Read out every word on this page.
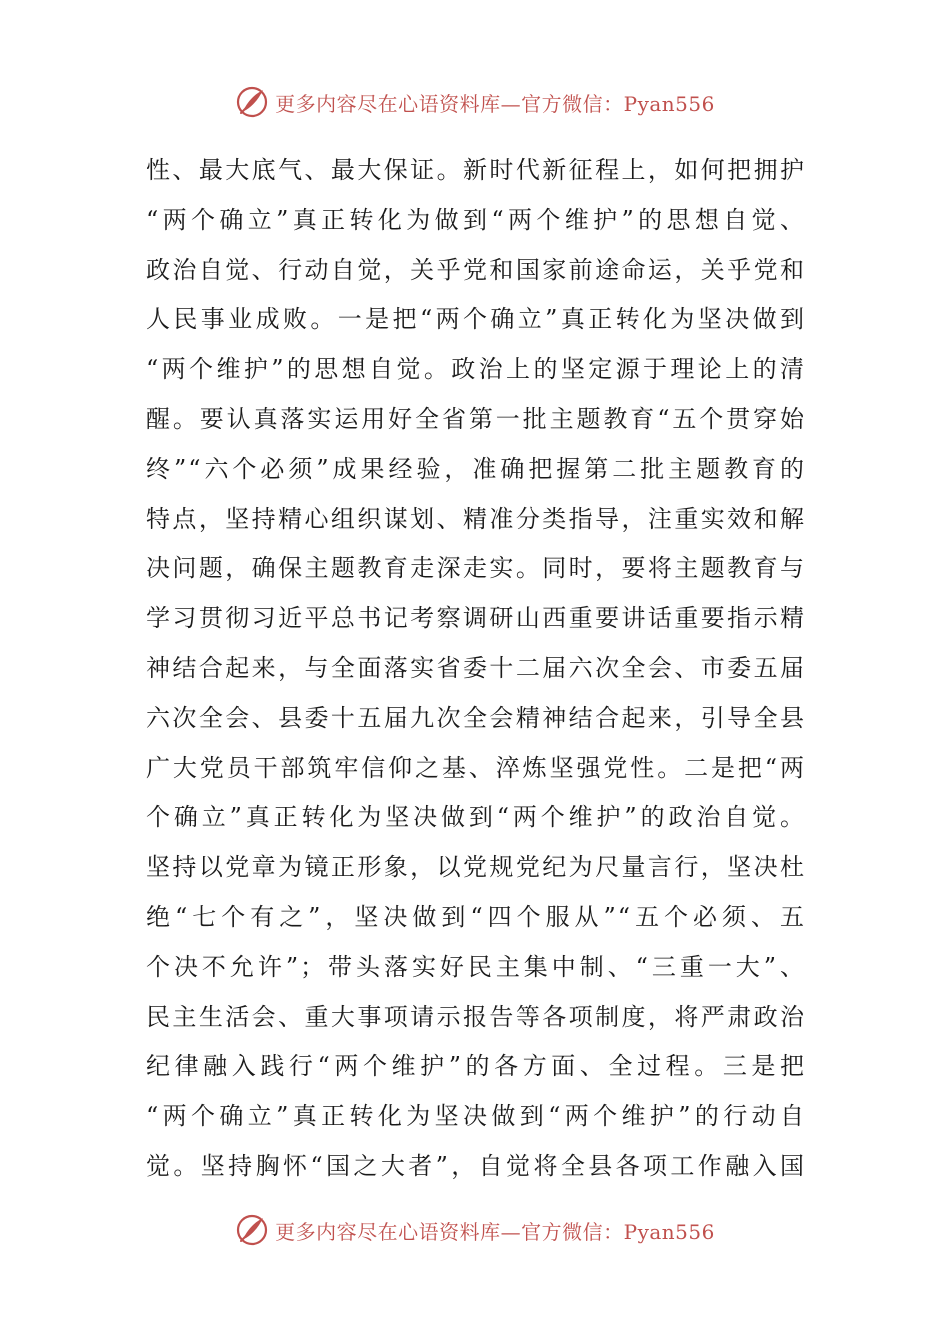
更多内容尽在心语资料库—官方微信：Pyan556
性、最大底气、最大保证。新时代新征程上，如何把拥护
“两个确立”真正转化为做到“两个维护”的思想自觉、
政治自觉、行动自觉，关乎党和国家前途命运，关乎党和
人民事业成败。一是把“两个确立”真正转化为坚决做到
“两个维护”的思想自觉。政治上的坚定源于理论上的清
醒。要认真落实运用好全省第一批主题教育“五个贯穿始
终”“六个必须”成果经验，准确把握第二批主题教育的
特点，坚持精心组织谋划、精准分类指导，注重实效和解
决问题，确保主题教育走深走实。同时，要将主题教育与
学习贯彻习近平总书记考察调研山西重要讲话重要指示精
神结合起来，与全面落实省委十二届六次全会、市委五届
六次全会、县委十五届九次全会精神结合起来，引导全县
广大党员干部筑牢信仰之基、淬炼坚强党性。二是把“两
个确立”真正转化为坚决做到“两个维护”的政治自觉。
坚持以党章为镜正形象，以党规党纪为尺量言行，坚决杜
绝“七个有之”，坚决做到“四个服从”“五个必须、五
个决不允许”；带头落实好民主集中制、“三重一大”、
民主生活会、重大事项请示报告等各项制度，将严肃政治
纪律融入践行“两个维护”的各方面、全过程。三是把
“两个确立”真正转化为坚决做到“两个维护”的行动自
觉。坚持胸怀“国之大者”，自觉将全县各项工作融入国
更多内容尽在心语资料库—官方微信：Pyan556
